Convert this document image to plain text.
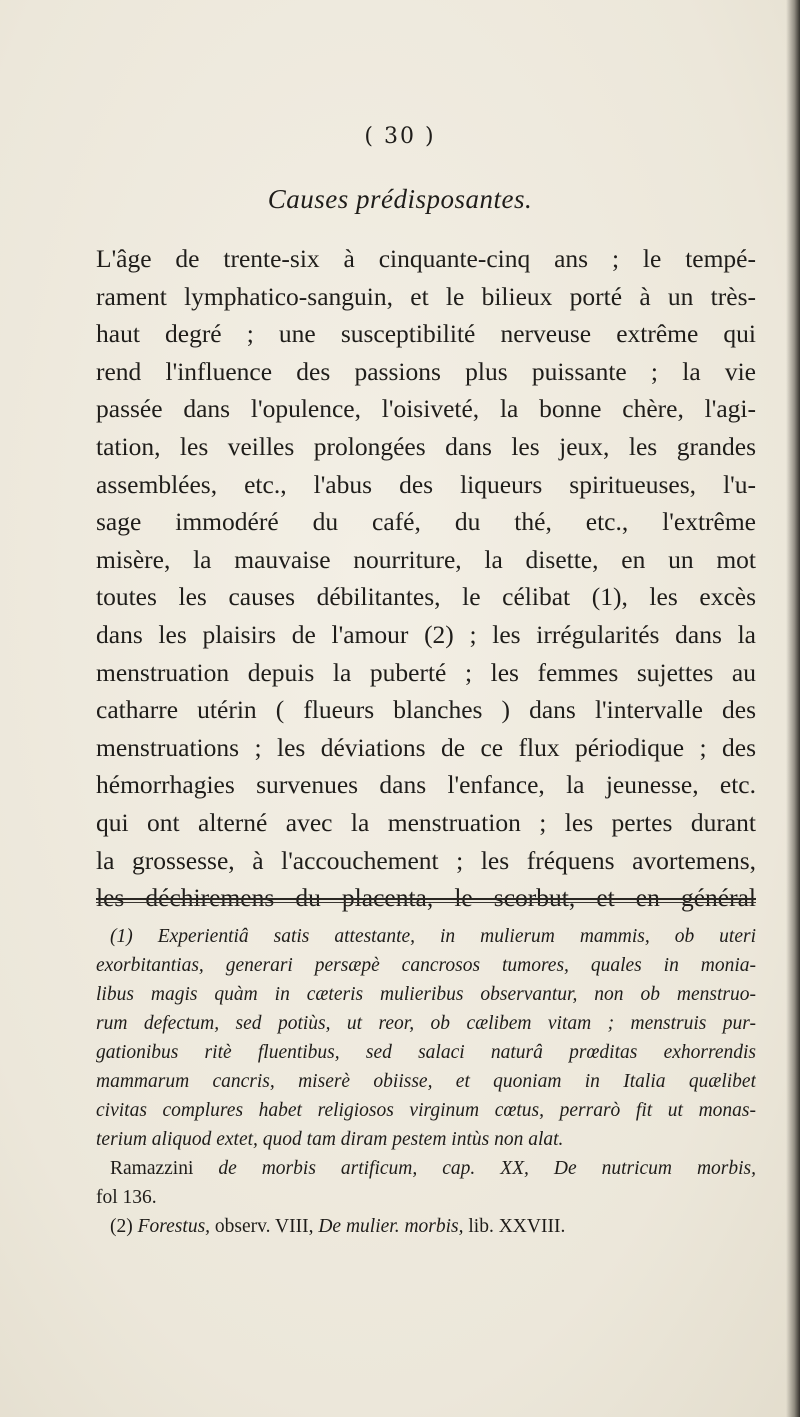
( 30 )
Causes prédisposantes.
L'âge de trente-six à cinquante-cinq ans ; le tempé-
rament lymphatico-sanguin, et le bilieux porté à un très-
haut degré ; une susceptibilité nerveuse extrême qui
rend l'influence des passions plus puissante ; la vie
passée dans l'opulence, l'oisiveté, la bonne chère, l'agi-
tation, les veilles prolongées dans les jeux, les grandes
assemblées, etc., l'abus des liqueurs spiritueuses, l'u-
sage immodéré du café, du thé, etc., l'extrême
misère, la mauvaise nourriture, la disette, en un mot
toutes les causes débilitantes, le célibat (1), les excès
dans les plaisirs de l'amour (2) ; les irrégularités dans la
menstruation depuis la puberté ; les femmes sujettes au
catharre utérin ( flueurs blanches ) dans l'intervalle des
menstruations ; les déviations de ce flux périodique ; des
hémorrhagies survenues dans l'enfance, la jeunesse, etc.
qui ont alterné avec la menstruation ; les pertes durant
la grossesse, à l'accouchement ; les fréquens avortemens,
les déchiremens du placenta, le scorbut, et en général
(1) Experientiâ satis attestante, in mulierum mammis, ob uteri
exorbitantias, generari persæpè cancrosos tumores, quales in monia-
libus magis quàm in cæteris mulieribus observantur, non ob menstruo-
rum defectum, sed potiùs, ut reor, ob cælibem vitam ; menstruis pur-
gationibus ritè fluentibus, sed salaci naturâ prœditas exhorrendis
mammarum cancris, miserè obiisse, et quoniam in Italia quælibet
civitas complures habet religiosos virginum cœtus, perrarò fit ut monas-
terium aliquod extet, quod tam diram pestem intùs non alat.
Ramazzini de morbis artificum, cap. XX, De nutricum morbis,
fol 136.
(2) Forestus, observ. VIII, De mulier. morbis, lib. XXVIII.
